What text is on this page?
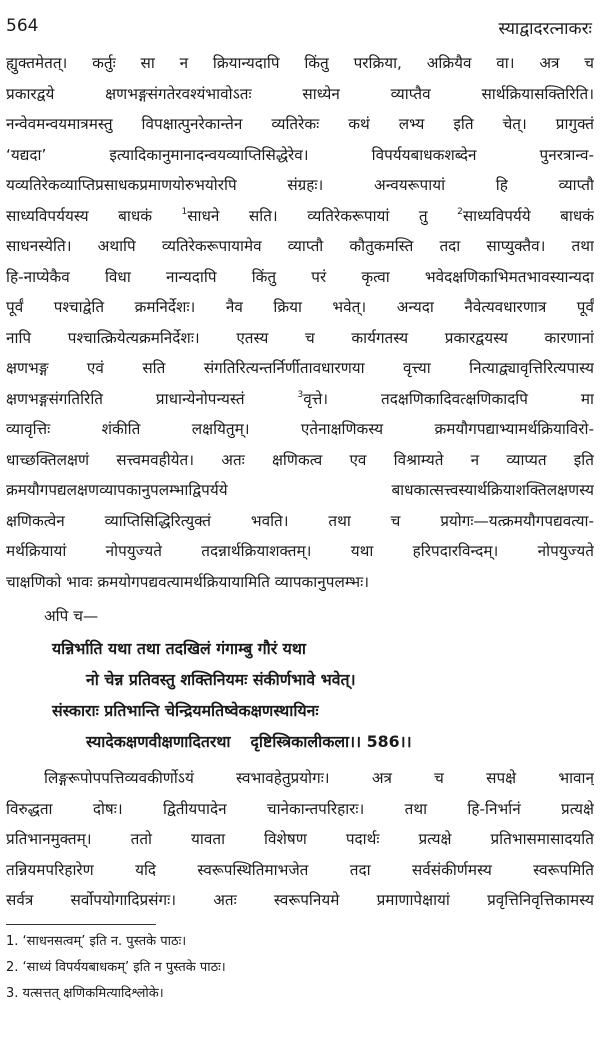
564	स्याद्वादरत्नाकरः
ह्युक्तमेतत्। कर्तुः सा न क्रियान्यदापि किंतु परक्रिया, अक्रियैव वा। अत्र च
प्रकारद्वये क्षणभङ्गसंगतेरवश्यंभावोऽतः साध्येन व्याप्तैव सार्थक्रियासक्तिरिति।
नन्वेवमन्वयमात्रमस्तु विपक्षात्पुनरेकान्तेन व्यतिरेकः कथं लभ्य इति चेत्। प्रागुक्तं
‘यद्यदा’ इत्यादिकानुमानादन्वयव्याप्तिसिद्धेरेव। विपर्ययबाधकशब्देन पुनरत्रान्व-
यव्यतिरेकव्याप्तिप्रसाधकप्रमाणयोरुभयोरपि संग्रहः। अन्वयरूपायां हि व्याप्तौ
साध्यविपर्ययस्य बाधकं $^1$साधने सति। व्यतिरेकरूपायां तु $^2$साध्यविपर्यये बाधकं
साधनस्येति। अथापि व्यतिरेकरूपायामेव व्याप्तौ कौतुकमस्ति तदा साप्युक्तैव। तथा
हि-नाप्येकैव विधा नान्यदापि किंतु परं कृत्वा भवेदक्षणिकाभिमतभावस्यान्यदा
पूर्वं पश्चाद्वेति क्रमनिर्देशः। नैव क्रिया भवेत्। अन्यदा नैवेत्यवधारणात्र पूर्वं
नापि पश्चात्क्रियेत्यक्रमनिर्देशः। एतस्य च कार्यगतस्य प्रकारद्वयस्य कारणानां
क्षणभङ्ग एवं सति संगतिरित्यन्तर्निर्णीतावधारणया वृत्त्या नित्याद्व्यावृत्तिरित्यपास्य
क्षणभङ्गसंगतिरिति प्राधान्येनोपन्यस्तं $^3$वृत्ते। तदक्षणिकादिवत्क्षणिकादपि मा
व्यावृत्तिः शंकीति लक्षयितुम्। एतेनाक्षणिकस्य क्रमयौगपद्याभ्यामर्थक्रियाविरो-
धाच्छक्तिलक्षणं सत्त्वमवहीयेत। अतः क्षणिकत्व एव विश्राम्यते न व्याप्यत इति
क्रमयौगपद्यलक्षणव्यापकानुपलम्भाद्विपर्यये बाधकात्सत्त्वस्यार्थक्रियाशक्तिलक्षणस्य
क्षणिकत्वेन व्याप्तिसिद्धिरित्युक्तं भवति। तथा च प्रयोगः—यत्क्रमयौगपद्यवत्या-
मर्थक्रियायां नोपयुज्यते तदन्नार्थक्रियाशक्तम्। यथा हरिपदारविन्दम्। नोपयुज्यते
चाक्षणिको भावः क्रमयोगपद्यवत्यामर्थक्रियायामिति व्यापकानुपलम्भः।
अपि च—
यन्निर्भाति यथा तथा तदखिलं गंगाम्बु गौरं यथा
नो चेन्न प्रतिवस्तु शक्तिनियमः संकीर्णभावे भवेत्।
संस्काराः प्रतिभान्ति चेन्द्रियमतिष्वेकक्षणस्थायिनः
स्यादेकक्षणवीक्षणादितरथा दृष्टिस्त्रिकालीकला।। 586।।
लिङ्गरूपोपपत्तिव्यवकीर्णोऽयं स्वभावहेतुप्रयोगः। अत्र च सपक्षे भावान्
विरुद्धता दोषः। द्वितीयपादेन चानेकान्तपरिहारः। तथा हि-निर्भानं प्रत्यक्षे
प्रतिभानमुक्तम्। ततो यावता विशेषण पदार्थः प्रत्यक्षे प्रतिभासमासादयति
तन्नियमपरिहारेण यदि स्वरूपस्थितिमाभजेत तदा सर्वसंकीर्णमस्य स्वरूपमिति
सर्वत्र सर्वोपयोगादिप्रसंगः। अतः स्वरूपनियमे प्रमाणापेक्षायां प्रवृत्तिनिवृत्तिकामस्य
1. ‘साधनसत्वम्’ इति न. पुस्तके पाठः।
2. ‘साध्यं विपर्ययबाधकम्’ इति न पुस्तके पाठः।
3. यत्सत्तत् क्षणिकमित्यादिश्लोके।
